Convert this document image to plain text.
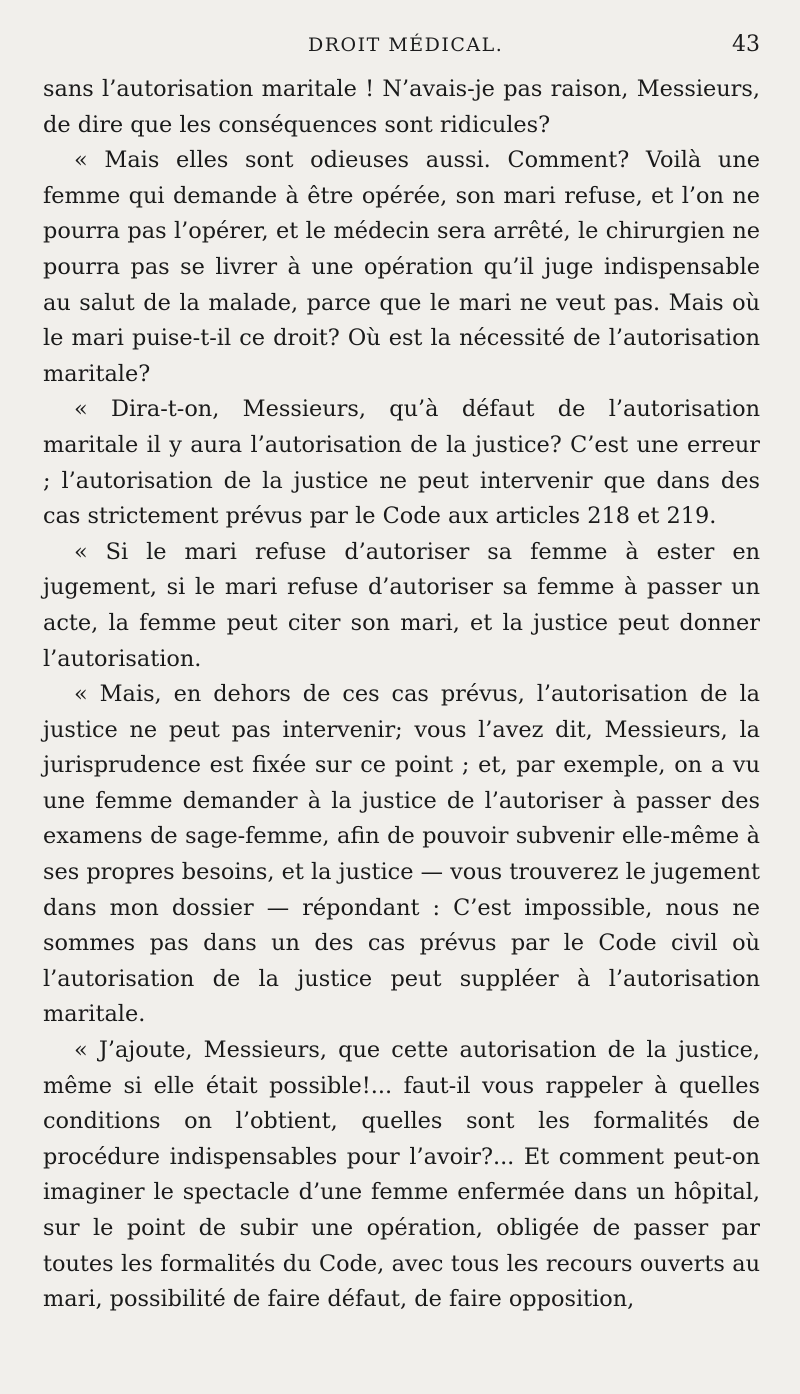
DROIT MÉDICAL.	43

sans l’autorisation maritale ! N’avais-je pas raison, Messieurs, de dire que les conséquences sont ridicules?

« Mais elles sont odieuses aussi. Comment? Voilà une femme qui demande à être opérée, son mari refuse, et l’on ne pourra pas l’opérer, et le médecin sera arrêté, le chirurgien ne pourra pas se livrer à une opération qu’il juge indispensable au salut de la malade, parce que le mari ne veut pas. Mais où le mari puise-t-il ce droit? Où est la nécessité de l’autorisation maritale?

« Dira-t-on, Messieurs, qu’à défaut de l’autorisation maritale il y aura l’autorisation de la justice? C’est une erreur ; l’autorisation de la justice ne peut intervenir que dans des cas strictement prévus par le Code aux articles 218 et 219.

« Si le mari refuse d’autoriser sa femme à ester en jugement, si le mari refuse d’autoriser sa femme à passer un acte, la femme peut citer son mari, et la justice peut donner l’autorisation.

« Mais, en dehors de ces cas prévus, l’autorisation de la justice ne peut pas intervenir; vous l’avez dit, Messieurs, la jurisprudence est fixée sur ce point ; et, par exemple, on a vu une femme demander à la justice de l’autoriser à passer des examens de sage-femme, afin de pouvoir subvenir elle-même à ses propres besoins, et la justice — vous trouverez le jugement dans mon dossier — répondant : C’est impossible, nous ne sommes pas dans un des cas prévus par le Code civil où l’autorisation de la justice peut suppléer à l’autorisation maritale.

« J’ajoute, Messieurs, que cette autorisation de la justice, même si elle était possible!... faut-il vous rappeler à quelles conditions on l’obtient, quelles sont les formalités de procédure indispensables pour l’avoir?... Et comment peut-on imaginer le spectacle d’une femme enfermée dans un hôpital, sur le point de subir une opération, obligée de passer par toutes les formalités du Code, avec tous les recours ouverts au mari, possibilité de faire défaut, de faire opposition,
